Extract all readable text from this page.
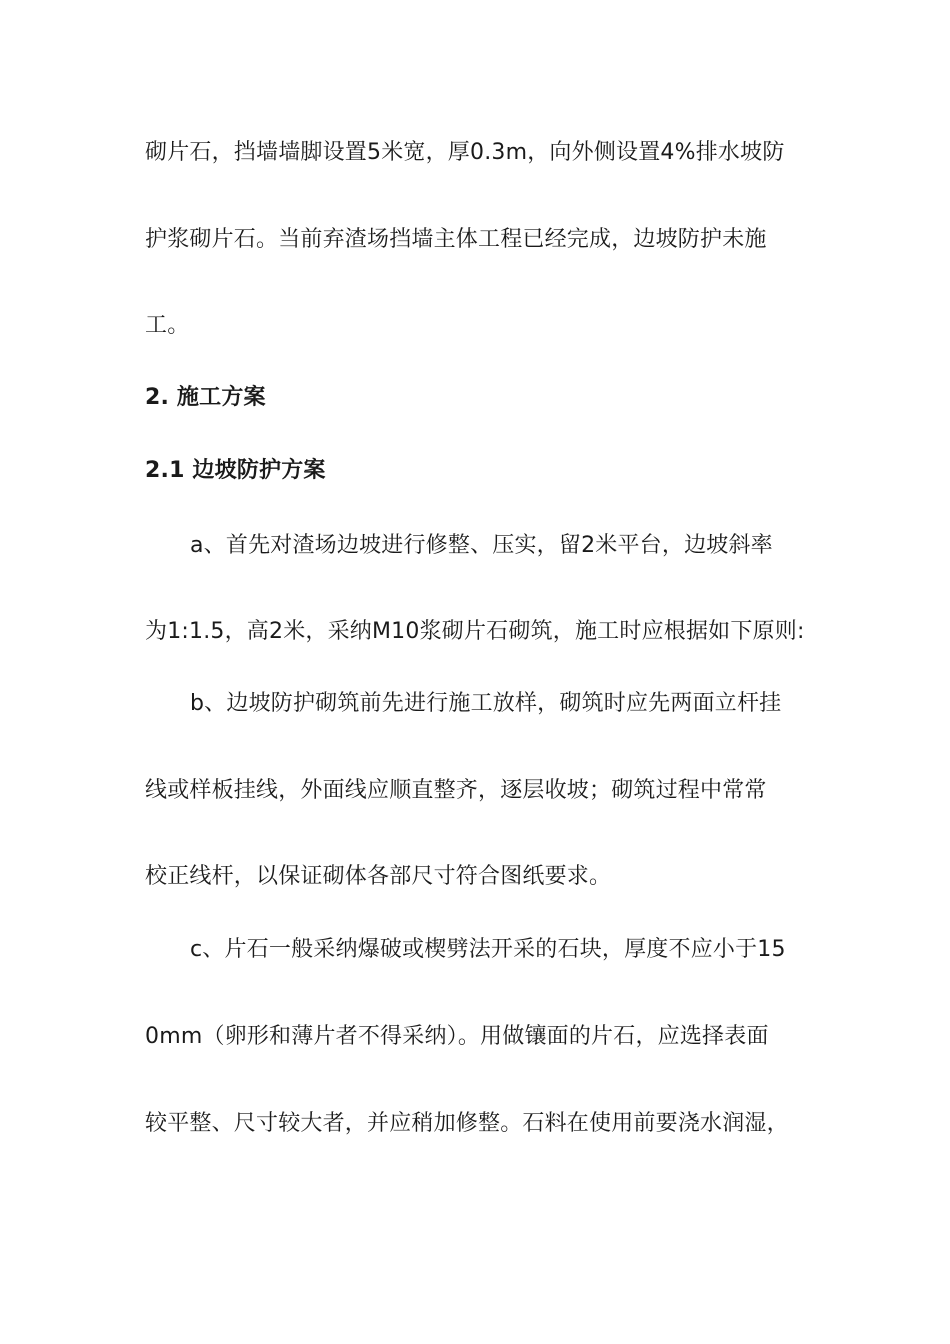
砌片石，挡墙墙脚设置5米宽，厚0.3m，向外侧设置4%排水坡防
护浆砌片石。当前弃渣场挡墙主体工程已经完成，边坡防护未施
工。
2. 施工方案
2.1 边坡防护方案
a、首先对渣场边坡进行修整、压实，留2米平台，边坡斜率
为1:1.5，高2米，采纳M10浆砌片石砌筑，施工时应根据如下原则:
b、边坡防护砌筑前先进行施工放样，砌筑时应先两面立杆挂
线或样板挂线，外面线应顺直整齐，逐层收坡；砌筑过程中常常
校正线杆，以保证砌体各部尺寸符合图纸要求。
c、片石一般采纳爆破或楔劈法开采的石块，厚度不应小于15
0mm（卵形和薄片者不得采纳）。用做镶面的片石，应选择表面
较平整、尺寸较大者，并应稍加修整。石料在使用前要浇水润湿，
